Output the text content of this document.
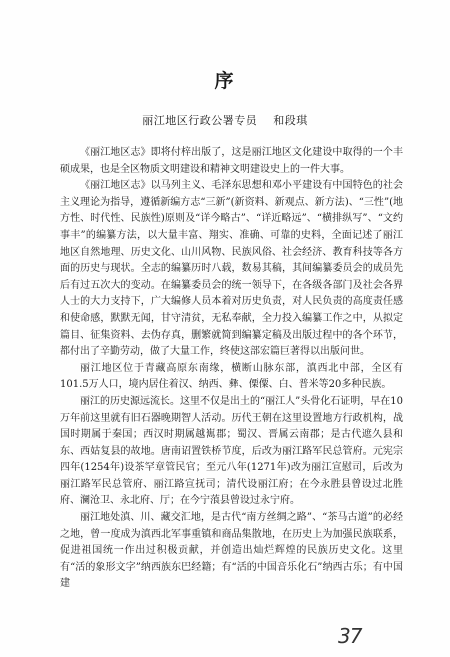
序
丽江地区行政公署专员 和段琪

《丽江地区志》即将付梓出版了，这是丽江地区文化建设中取得的一个丰硕成果，也是全区物质文明建设和精神文明建设史上的一件大事。

《丽江地区志》以马列主义、毛泽东思想和邓小平建设有中国特色的社会主义理论为指导，遵循新编方志“三新”(新资料、新观点、新方法)、“三性”(地方性、时代性、民族性)原则及“详今略古”、“详近略远”、“横排纵写”、“文约事丰”的编纂方法，以大量丰富、翔实、准确、可靠的史料，全面记述了丽江地区自然地理、历史文化、山川风物、民族风俗、社会经济、教育科技等各方面的历史与现状。全志的编纂历时八载，数易其稿，其间编纂委员会的成员先后有过五次大的变动。在编纂委员会的统一领导下，在各级各部门及社会各界人士的大力支持下，广大编修人员本着对历史负责，对人民负责的高度责任感和使命感，默默无闻，甘守清贫，无私奉献，全力投入编纂工作之中，从拟定篇目、征集资料、去伪存真，删繁就简到编纂定稿及出版过程中的各个环节，都付出了辛勤劳动，做了大量工作，终使这部宏篇巨著得以出版问世。

丽江地区位于青藏高原东南缘，横断山脉东部，滇西北中部，全区有101.5万人口，境内居住着汉、纳西、彝、傈僳、白、普米等20多种民族。

丽江的历史源远流长。这里不仅是出土的“丽江人”头骨化石证明，早在10万年前这里就有旧石器晚期智人活动。历代王朝在这里设置地方行政机构，战国时期属于秦国；西汉时期属越嶲郡；蜀汉、晋属云南郡；是古代遮久县和东、西姑复县的故地。唐南诏置铁桥节度，后改为丽江路军民总管府。元宪宗四年(1254年)设茶罕章管民官；至元八年(1271年)改为丽江宣慰司，后改为丽江路军民总管府、丽江路宣抚司；清代设丽江府；在今永胜县曾设过北胜府、澜沧卫、永北府、厅；在今宁蒗县曾设过永宁府。

丽江地处滇、川、藏交汇地，是古代“南方丝绸之路”、“茶马古道”的必经之地，曾一度成为滇西北军事重镇和商品集散地，在历史上为加强民族联系，促进祖国统一作出过积极贡献，并创造出灿烂辉煌的民族历史文化。这里有“活的象形文字”纳西族东巴经籍；有“活的中国音乐化石”纳西古乐；有中国建

37
